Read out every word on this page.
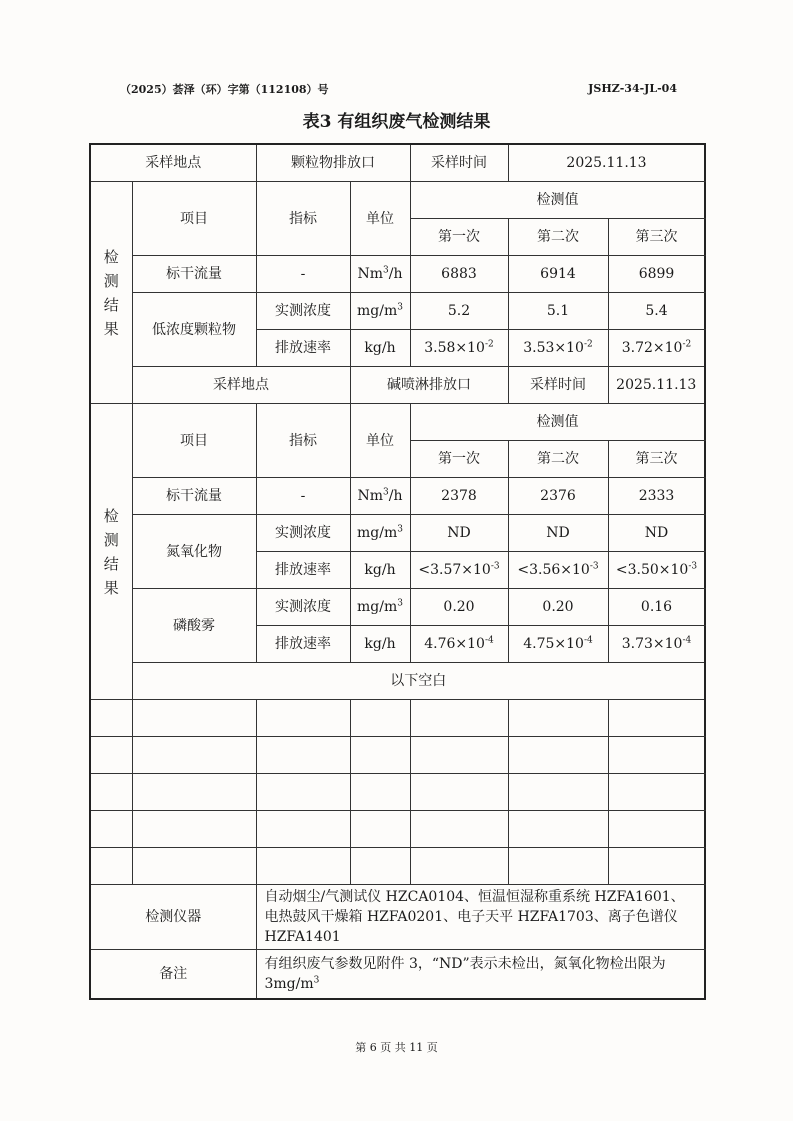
（2025）荟泽（环）字第（112108）号	JSHZ-34-JL-04
表3 有组织废气检测结果
采样地点		颗粒物排放口		采样时间	2025.11.13	
检
测
结
果	项目	指标	单位	检测值		
				第一次	第二次	第三次
	标干流量	-	Nm$^3$/h	6883	6914	6899
	低浓度颗粒物	实测浓度	$mg/m^3$	5.2	5.1	5.4
		排放速率	kg/h	$3.58\times 10^{-2}$	$3.53\times 10^{-2}$	$3.72\times 10^{-2}$
	采样地点		碱喷淋排放口		采样时间	2025.11.13
检
测
结
果	项目	指标	单位	检测值		
				第一次	第二次	第三次
	标干流量	-	Nm$^3$/h	2378	2376	2333
	氮氧化物	实测浓度	$mg/m^3$	ND	ND	ND
		排放速率	kg/h	$<3.57\times 10^{-3}$	$<3.56\times 10^{-3}$	$<3.50\times 10^{-3}$
	磷酸雾	实测浓度	$mg/m^3$	0.20	0.20	0.16
		排放速率	kg/h	$4.76\times 10^{-4}$	$4.75\times 10^{-4}$	$3.73\times 10^{-4}$
	以下空白					

检测仪器		自动烟尘/气测试仪 HZCA0104、恒温恒湿称重系统 HZFA1601、电热鼓风干燥箱 HZFA0201、电子天平 HZFA1703、离子色谱仪 HZFA1401				
备注		有组织废气参数见附件 3，“ND”表示未检出，氮氧化物检出限为 $3mg/m^3$
第 6 页 共 11 页
